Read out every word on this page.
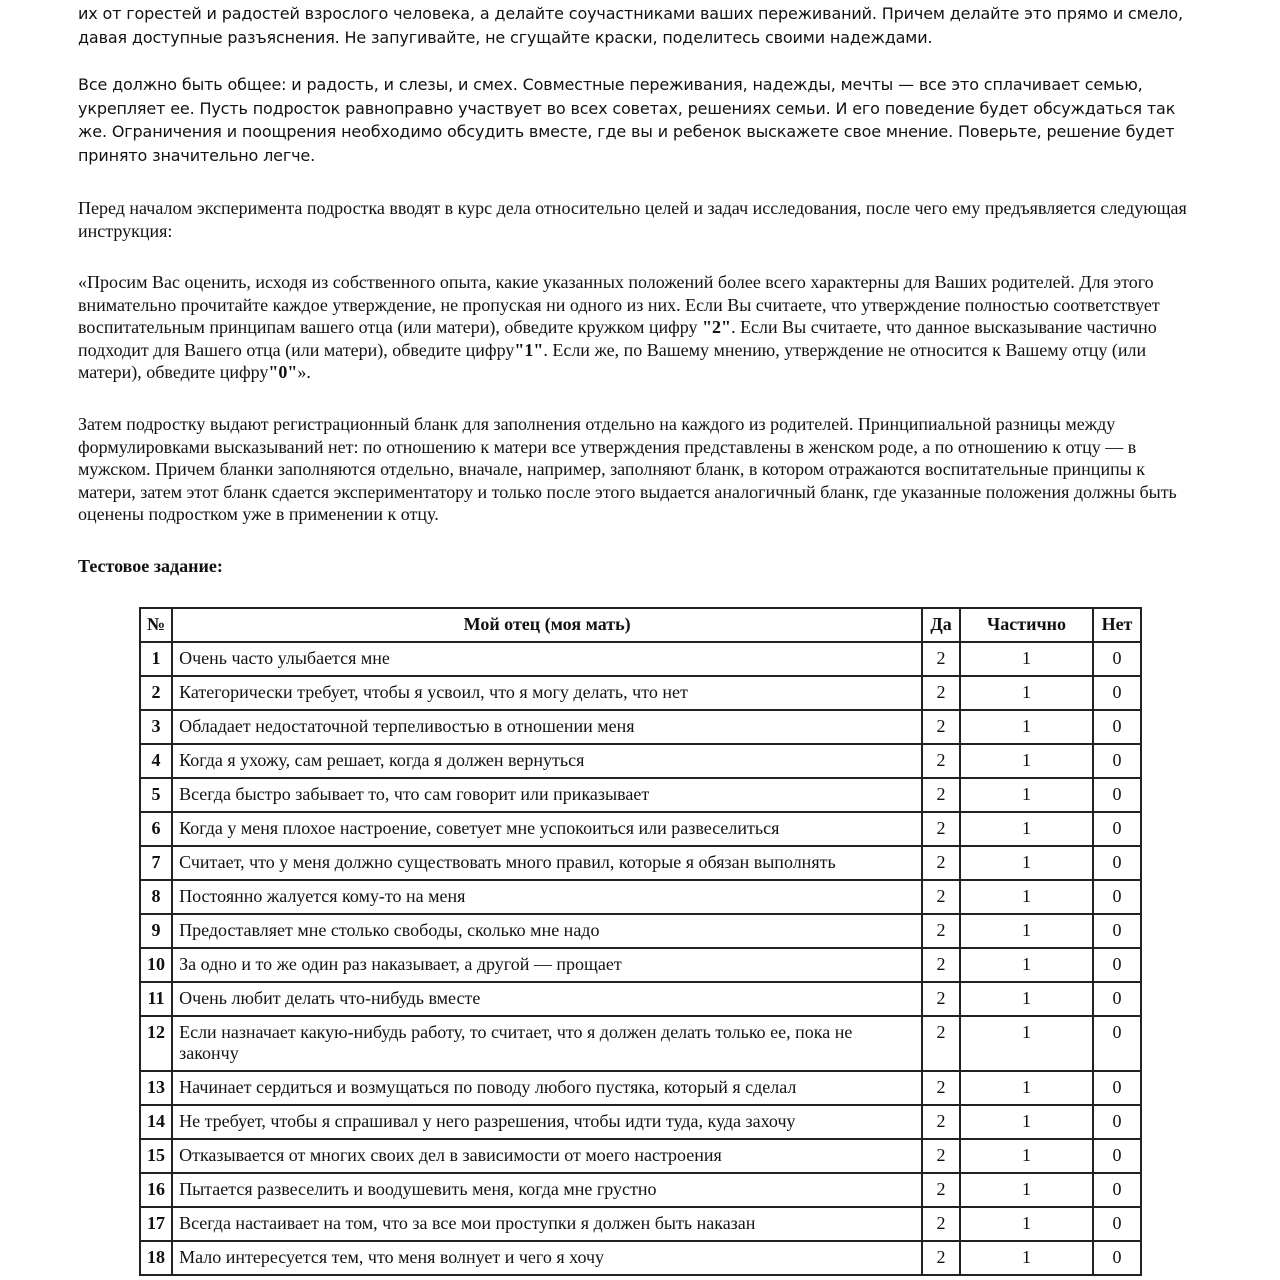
их от горестей и радостей взрослого человека, а делайте соучастниками ваших переживаний. Причем делайте это прямо и смело, давая доступные разъяснения. Не запугивайте, не сгущайте краски, поделитесь своими надеждами.

Все должно быть общее: и радость, и слезы, и смех. Совместные переживания, надежды, мечты — все это сплачивает семью, укрепляет ее. Пусть подросток равноправно участвует во всех советах, решениях семьи. И его поведение будет обсуждаться так же. Ограничения и поощрения необходимо обсудить вместе, где вы и ребенок выскажете свое мнение. Поверьте, решение будет принято значительно легче.

Перед началом эксперимента подростка вводят в курс дела относительно целей и задач исследования, после чего ему предъявляется следующая инструкция:

«Просим Вас оценить, исходя из собственного опыта, какие указанных положений более всего характерны для Ваших родителей. Для этого внимательно прочитайте каждое утверждение, не пропуская ни одного из них. Если Вы считаете, что утверждение полностью соответствует воспитательным принципам вашего отца (или матери), обведите кружком цифру "2". Если Вы считаете, что данное высказывание частично подходит для Вашего отца (или матери), обведите цифру"1". Если же, по Вашему мнению, утверждение не относится к Вашему отцу (или матери), обведите цифру"0"».

Затем подростку выдают регистрационный бланк для заполнения отдельно на каждого из родителей. Принципиальной разницы между формулировками высказываний нет: по отношению к матери все утверждения представлены в женском роде, а по отношению к отцу — в мужском. Причем бланки заполняются отдельно, вначале, например, заполняют бланк, в котором отражаются воспитательные принципы к матери, затем этот бланк сдается экспериментатору и только после этого выдается аналогичный бланк, где указанные положения должны быть оценены подростком уже в применении к отцу.

Тестовое задание:

№	Мой отец (моя мать)	Да	Частично	Нет
1	Очень часто улыбается мне	2	1	0
2	Категорически требует, чтобы я усвоил, что я могу делать, что нет	2	1	0
3	Обладает недостаточной терпеливостью в отношении меня	2	1	0
4	Когда я ухожу, сам решает, когда я должен вернуться	2	1	0
5	Всегда быстро забывает то, что сам говорит или приказывает	2	1	0
6	Когда у меня плохое настроение, советует мне успокоиться или развеселиться	2	1	0
7	Считает, что у меня должно существовать много правил, которые я обязан выполнять	2	1	0
8	Постоянно жалуется кому-то на меня	2	1	0
9	Предоставляет мне столько свободы, сколько мне надо	2	1	0
10	За одно и то же один раз наказывает, а другой — прощает	2	1	0
11	Очень любит делать что-нибудь вместе	2	1	0
12	Если назначает какую-нибудь работу, то считает, что я должен делать только ее, пока не закончу	2	1	0
13	Начинает сердиться и возмущаться по поводу любого пустяка, который я сделал	2	1	0
14	Не требует, чтобы я спрашивал у него разрешения, чтобы идти туда, куда захочу	2	1	0
15	Отказывается от многих своих дел в зависимости от моего настроения	2	1	0
16	Пытается развеселить и воодушевить меня, когда мне грустно	2	1	0
17	Всегда настаивает на том, что за все мои проступки я должен быть наказан	2	1	0
18	Мало интересуется тем, что меня волнует и чего я хочу	2	1	0
